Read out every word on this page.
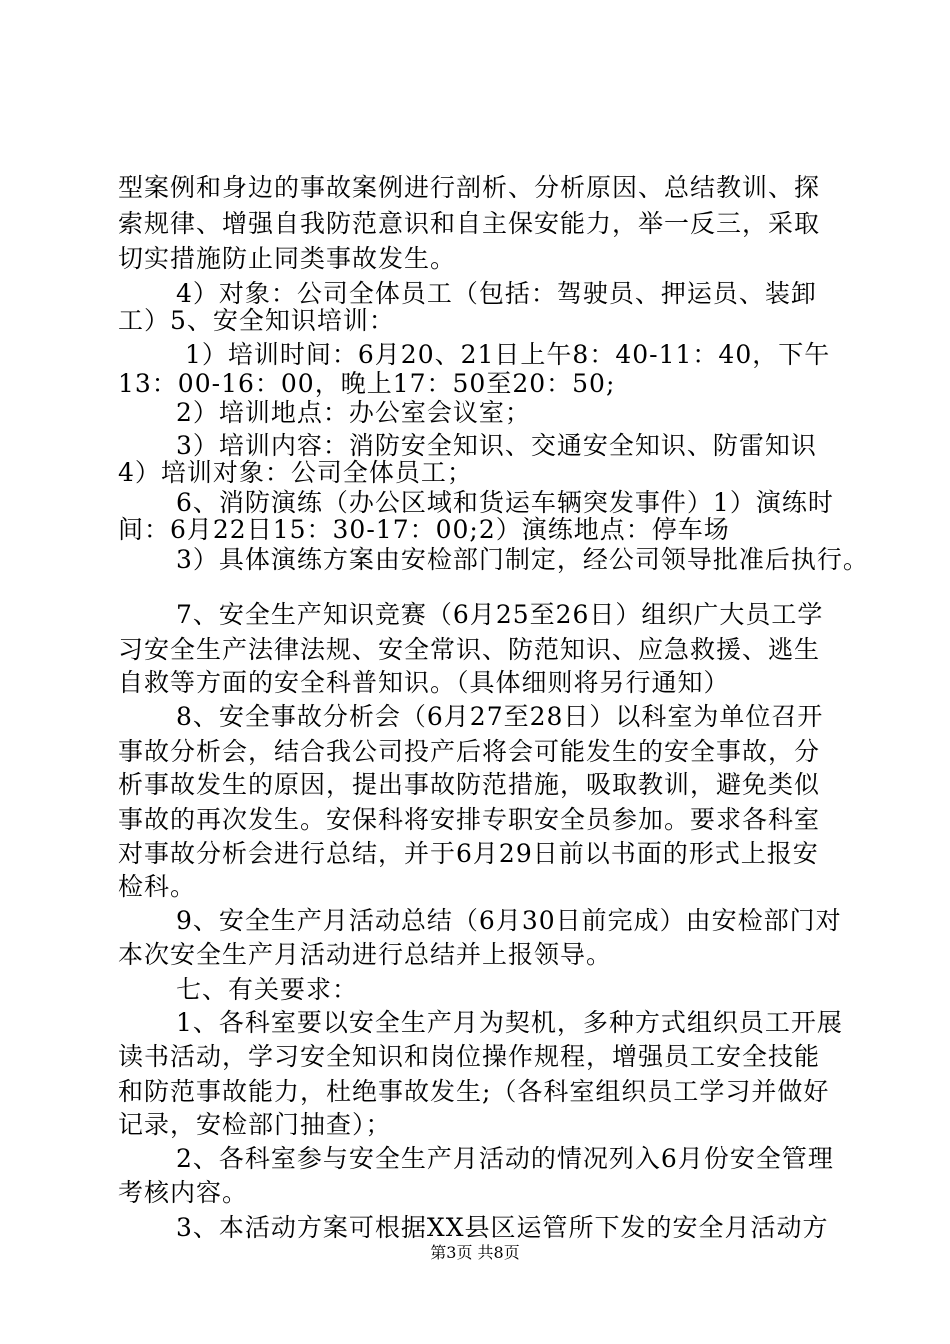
型案例和身边的事故案例进行剖析、分析原因、总结教训、探
索规律、增强自我防范意识和自主保安能力，举一反三，采取
切实措施防止同类事故发生。
4）对象：公司全体员工（包括：驾驶员、押运员、装卸
工）5、安全知识培训：
1）培训时间：6月20、21日上午8：40-11：40，下午
13：00-16：00，晚上17：50至20：50;
2）培训地点：办公室会议室；
3）培训内容：消防安全知识、交通安全知识、防雷知识
4）培训对象：公司全体员工；
6、消防演练（办公区域和货运车辆突发事件）1）演练时
间：6月22日15：30-17：00;2）演练地点：停车场
3）具体演练方案由安检部门制定，经公司领导批准后执行。
7、安全生产知识竞赛（6月25至26日）组织广大员工学
习安全生产法律法规、安全常识、防范知识、应急救援、逃生
自救等方面的安全科普知识。（具体细则将另行通知）
8、安全事故分析会（6月27至28日）以科室为单位召开
事故分析会，结合我公司投产后将会可能发生的安全事故，分
析事故发生的原因，提出事故防范措施，吸取教训，避免类似
事故的再次发生。安保科将安排专职安全员参加。要求各科室
对事故分析会进行总结，并于6月29日前以书面的形式上报安
检科。
9、安全生产月活动总结（6月30日前完成）由安检部门对
本次安全生产月活动进行总结并上报领导。
七、有关要求：
1、各科室要以安全生产月为契机，多种方式组织员工开展
读书活动，学习安全知识和岗位操作规程，增强员工安全技能
和防范事故能力，杜绝事故发生;（各科室组织员工学习并做好
记录，安检部门抽查）；
2、各科室参与安全生产月活动的情况列入6月份安全管理
考核内容。
3、本活动方案可根据XX县区运管所下发的安全月活动方
第3页 共8页
